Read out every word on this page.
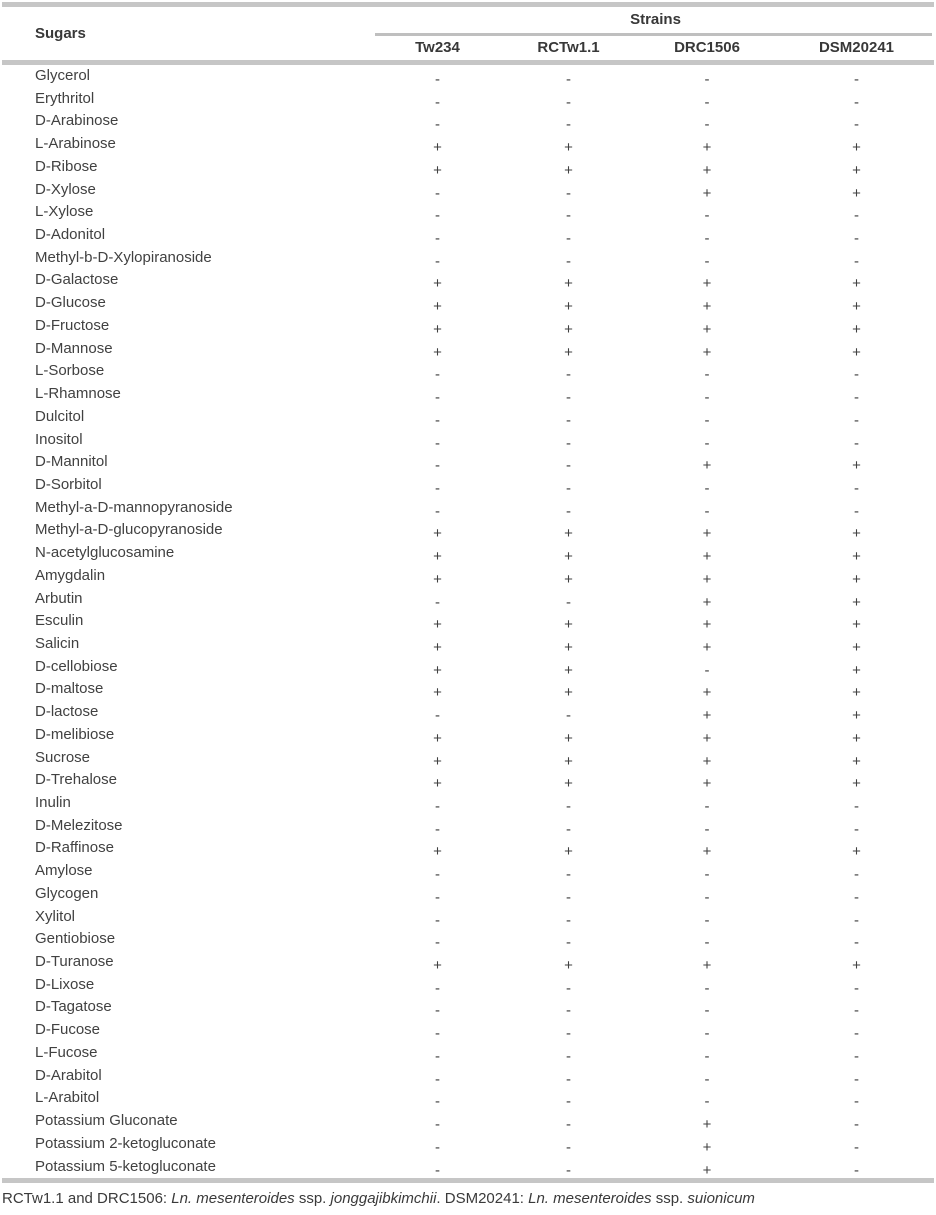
Sugars
Strains
Tw234	RCTw1.1	DRC1506	DSM20241
Glycerol	-	-	-	-
Erythritol	-	-	-	-
D-Arabinose	-	-	-	-
L-Arabinose	+	+	+	+
D-Ribose	+	+	+	+
D-Xylose	-	-	+	+
L-Xylose	-	-	-	-
D-Adonitol	-	-	-	-
Methyl-b-D-Xylopiranoside	-	-	-	-
D-Galactose	+	+	+	+
D-Glucose	+	+	+	+
D-Fructose	+	+	+	+
D-Mannose	+	+	+	+
L-Sorbose	-	-	-	-
L-Rhamnose	-	-	-	-
Dulcitol	-	-	-	-
Inositol	-	-	-	-
D-Mannitol	-	-	+	+
D-Sorbitol	-	-	-	-
Methyl-a-D-mannopyranoside	-	-	-	-
Methyl-a-D-glucopyranoside	+	+	+	+
N-acetylglucosamine	+	+	+	+
Amygdalin	+	+	+	+
Arbutin	-	-	+	+
Esculin	+	+	+	+
Salicin	+	+	+	+
D-cellobiose	+	+	-	+
D-maltose	+	+	+	+
D-lactose	-	-	+	+
D-melibiose	+	+	+	+
Sucrose	+	+	+	+
D-Trehalose	+	+	+	+
Inulin	-	-	-	-
D-Melezitose	-	-	-	-
D-Raffinose	+	+	+	+
Amylose	-	-	-	-
Glycogen	-	-	-	-
Xylitol	-	-	-	-
Gentiobiose	-	-	-	-
D-Turanose	+	+	+	+
D-Lixose	-	-	-	-
D-Tagatose	-	-	-	-
D-Fucose	-	-	-	-
L-Fucose	-	-	-	-
D-Arabitol	-	-	-	-
L-Arabitol	-	-	-	-
Potassium Gluconate	-	-	+	-
Potassium 2-ketogluconate	-	-	+	-
Potassium 5-ketogluconate	-	-	+	-
RCTw1.1 and DRC1506: Ln. mesenteroides ssp. jonggajibkimchii. DSM20241: Ln. mesenteroides ssp. suionicum
